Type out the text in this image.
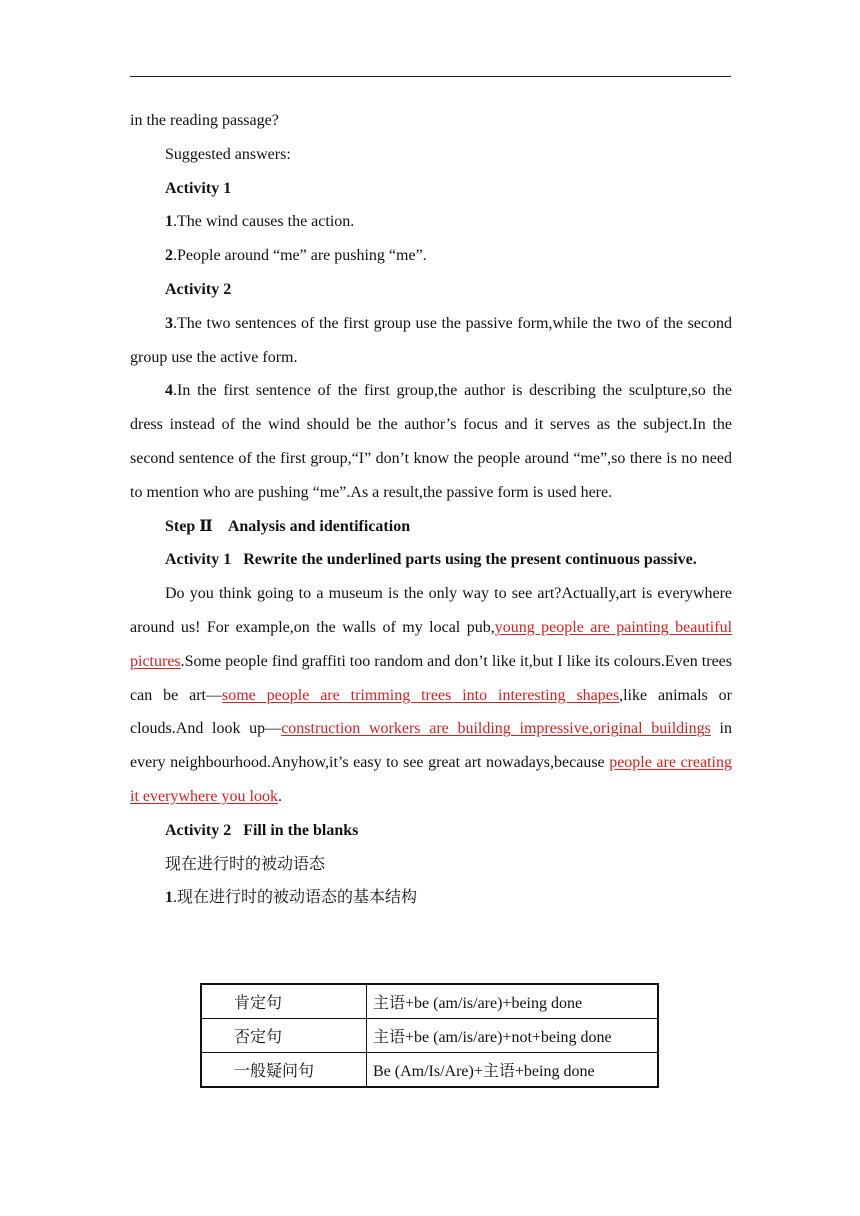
in the reading passage?

Suggested answers:

Activity 1

1.The wind causes the action.

2.People around “me” are pushing “me”.

Activity 2

3.The two sentences of the first group use the passive form,while the two of the second group use the active form.

4.In the first sentence of the first group,the author is describing the sculpture,so the dress instead of the wind should be the author’s focus and it serves as the subject.In the second sentence of the first group,“I” don’t know the people around “me”,so there is no need to mention who are pushing “me”.As a result,the passive form is used here.

Step Ⅱ    Analysis and identification

Activity 1   Rewrite the underlined parts using the present continuous passive.

Do you think going to a museum is the only way to see art?Actually,art is everywhere around us! For example,on the walls of my local pub,young people are painting beautiful pictures.Some people find graffiti too random and don’t like it,but I like its colours.Even trees can be art—some people are trimming trees into interesting shapes,like animals or clouds.And look up—construction workers are building impressive,original buildings in every neighbourhood.Anyhow,it’s easy to see great art nowadays,because people are creating it everywhere you look.

Activity 2   Fill in the blanks

现在进行时的被动语态

1.现在进行时的被动语态的基本结构

肯定句	主语+be (am/is/are)+being done
否定句	主语+be (am/is/are)+not+being done
一般疑问句	Be (Am/Is/Are)+主语+being done
